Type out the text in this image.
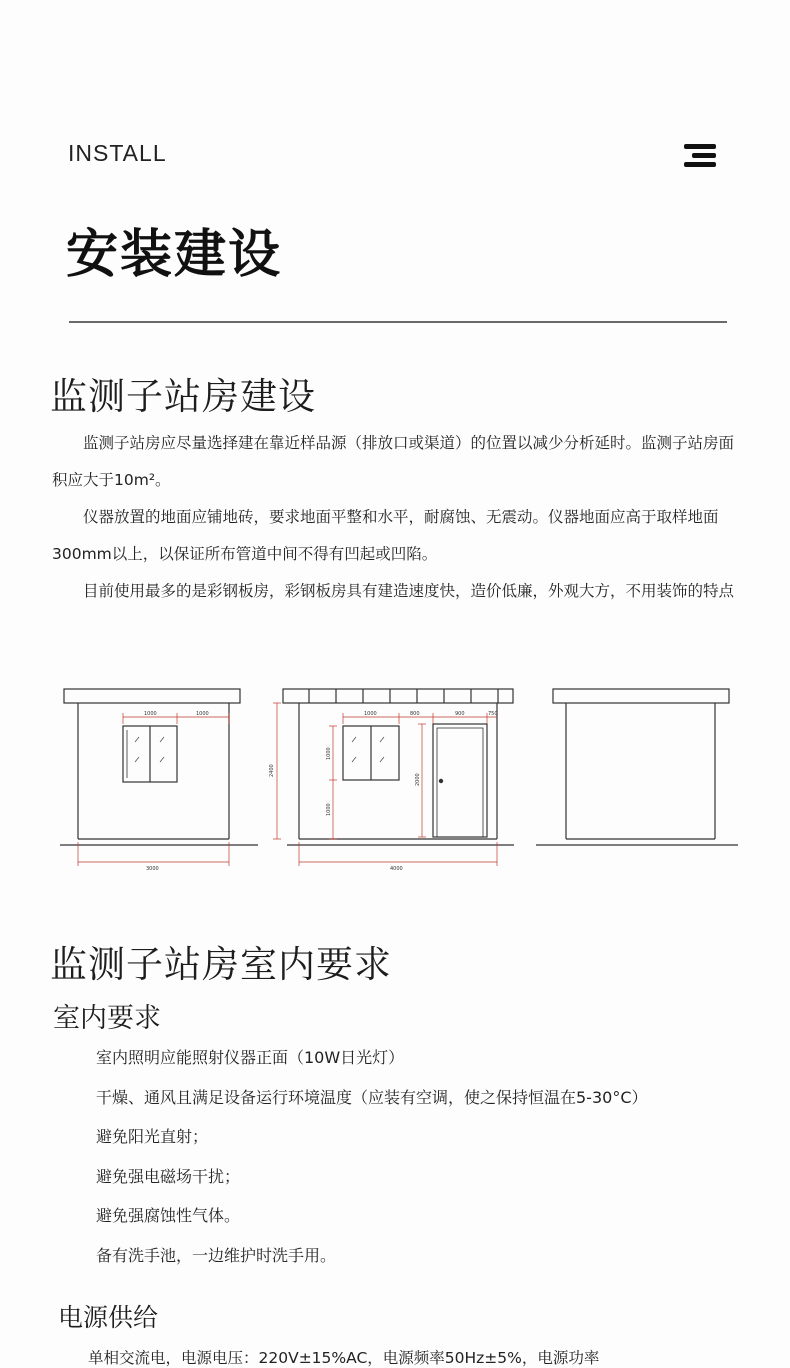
INSTALL
安装建设
监测子站房建设

监测子站房应尽量选择建在靠近样品源（排放口或渠道）的位置以减少分析延时。监测子站房面积应大于10m²。

仪器放置的地面应铺地砖，要求地面平整和水平，耐腐蚀、无震动。仪器地面应高于取样地面300mm以上，以保证所布管道中间不得有凹起或凹陷。

目前使用最多的是彩钢板房，彩钢板房具有建造速度快，造价低廉，外观大方，不用装饰的特点

1000	1000
3000
1000	800	900	750
4000
2400
1000
1000
2000
监测子站房室内要求
室内要求
室内照明应能照射仪器正面（10W日光灯）
干燥、通风且满足设备运行环境温度（应装有空调，使之保持恒温在5-30°C）
避免阳光直射；
避免强电磁场干扰；
避免强腐蚀性气体。
备有洗手池，一边维护时洗手用。
电源供给
单相交流电，电源电压：220V±15%AC，电源频率50Hz±5%，电源功率
